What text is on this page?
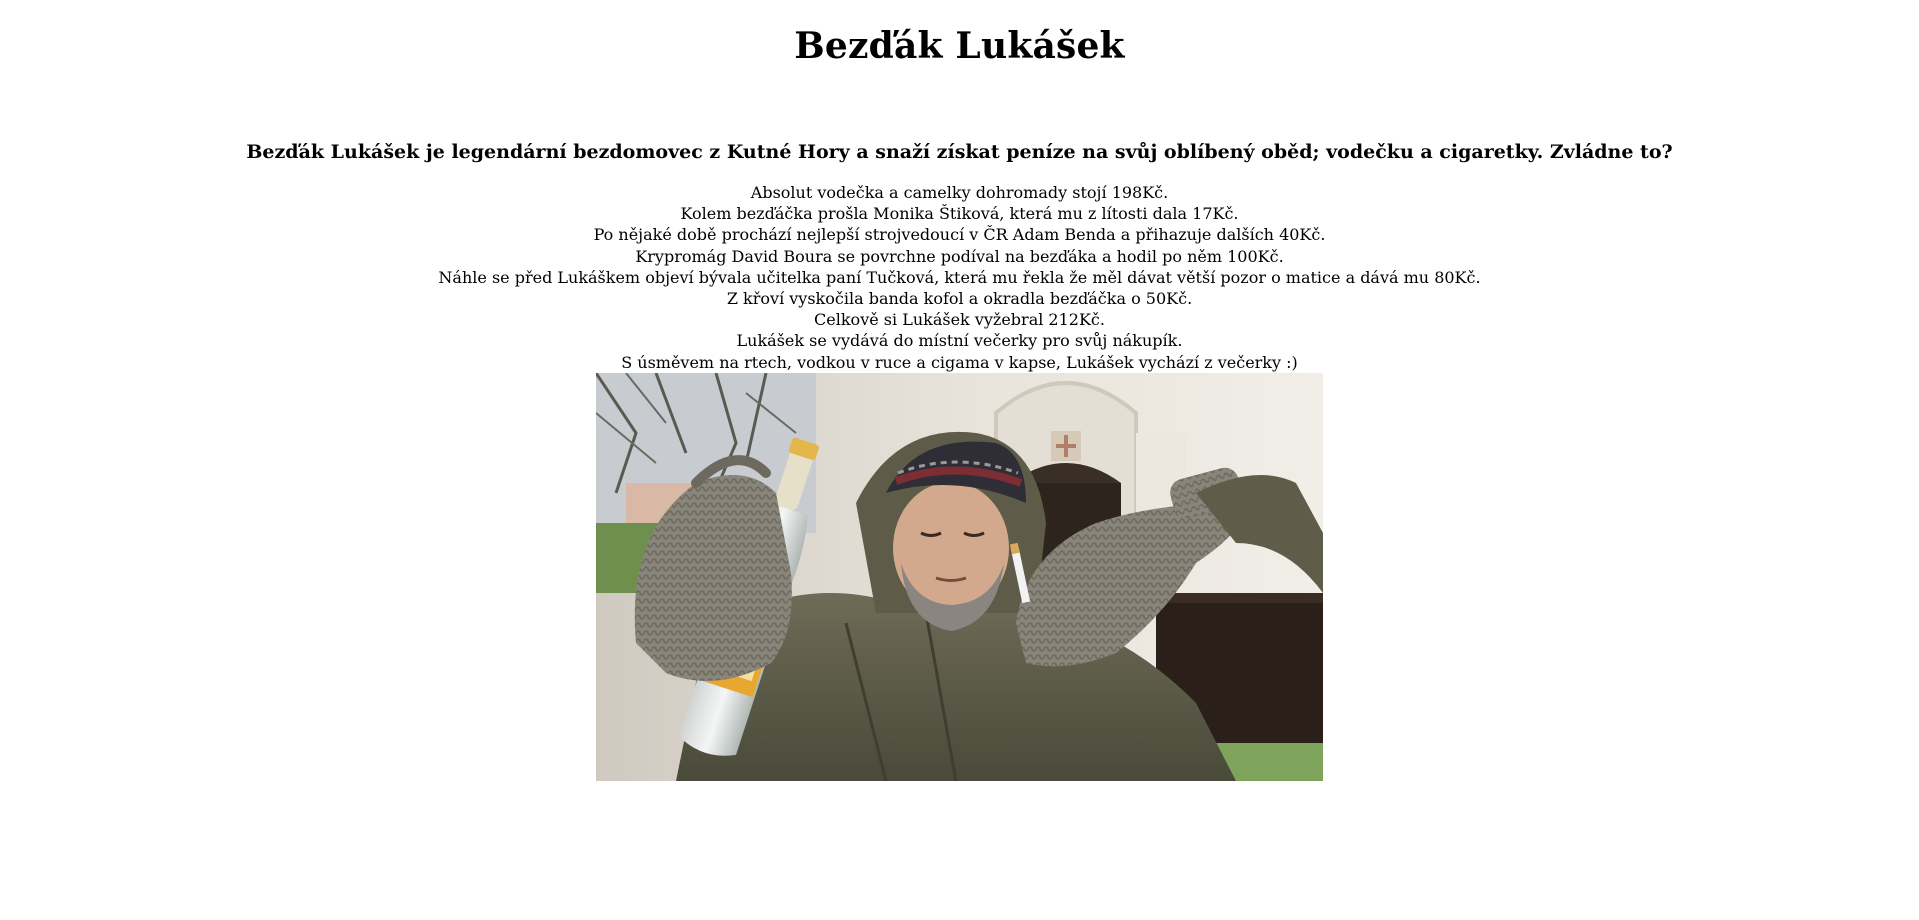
Bezďák Lukášek

Bezďák Lukášek je legendární bezdomovec z Kutné Hory a snaží získat peníze na svůj oblíbený oběd; vodečku a cigaretky. Zvládne to?

Absolut vodečka a camelky dohromady stojí 198Kč.
Kolem bezďáčka prošla Monika Štiková, která mu z lítosti dala 17Kč.
Po nějaké době prochází nejlepší strojvedoucí v ČR Adam Benda a přihazuje dalších 40Kč.
Krypromág David Boura se povrchne podíval na bezďáka a hodil po něm 100Kč.
Náhle se před Lukáškem objeví bývala učitelka paní Tučková, která mu řekla že měl dávat větší pozor o matice a dává mu 80Kč.
Z křoví vyskočila banda kofol a okradla bezďáčka o 50Kč.
Celkově si Lukášek vyžebral 212Kč.
Lukášek se vydává do místní večerky pro svůj nákupík.
S úsměvem na rtech, vodkou v ruce a cigama v kapse, Lukášek vychází z večerky :)
